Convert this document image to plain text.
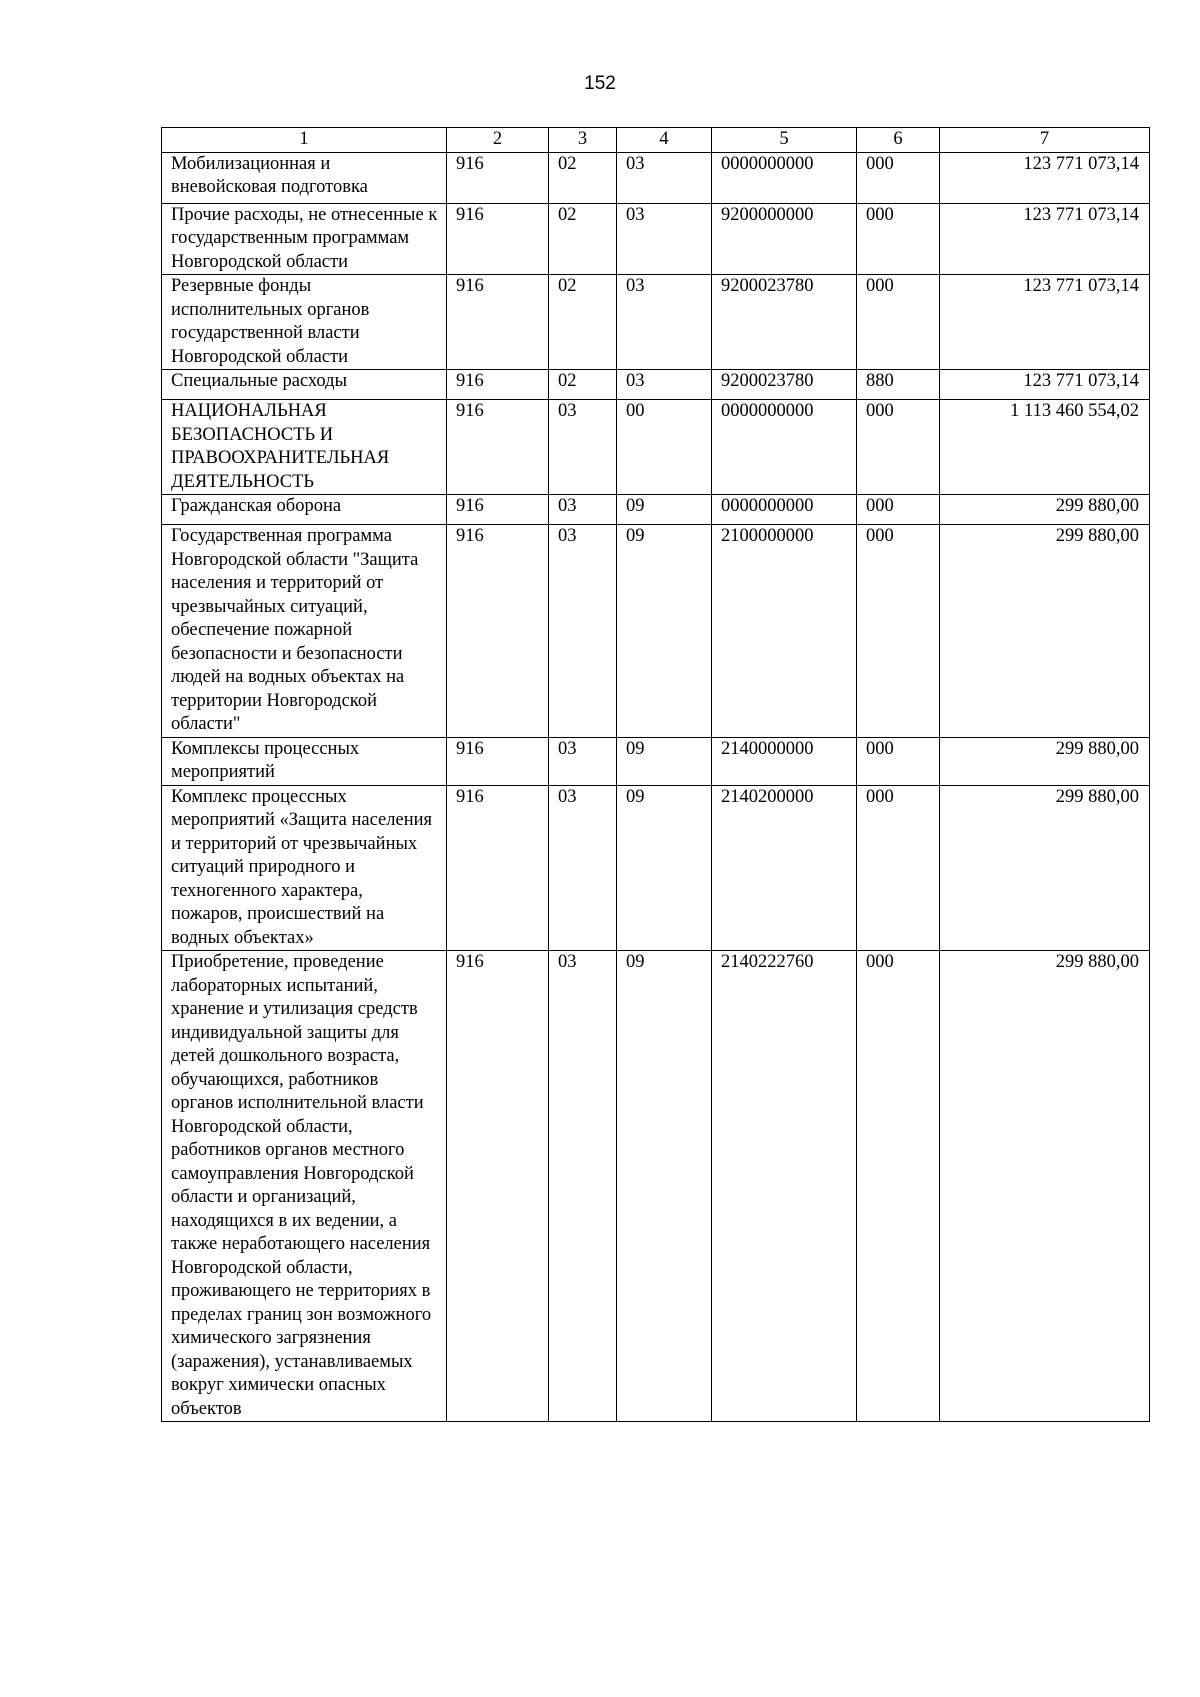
152
1	2	3	4	5	6	7
Мобилизационная и вневойсковая подготовка	916	02	03	0000000000	000	123 771 073,14
Прочие расходы, не отнесенные к государственным программам Новгородской области	916	02	03	9200000000	000	123 771 073,14
Резервные фонды исполнительных органов государственной власти Новгородской области	916	02	03	9200023780	000	123 771 073,14
Специальные расходы	916	02	03	9200023780	880	123 771 073,14
НАЦИОНАЛЬНАЯ БЕЗОПАСНОСТЬ И ПРАВООХРАНИТЕЛЬНАЯ ДЕЯТЕЛЬНОСТЬ	916	03	00	0000000000	000	1 113 460 554,02
Гражданская оборона	916	03	09	0000000000	000	299 880,00
Государственная программа Новгородской области "Защита населения и территорий от чрезвычайных ситуаций, обеспечение пожарной безопасности и безопасности людей на водных объектах на территории Новгородской области"	916	03	09	2100000000	000	299 880,00
Комплексы процессных мероприятий	916	03	09	2140000000	000	299 880,00
Комплекс процессных мероприятий «Защита населения и территорий от чрезвычайных ситуаций природного и техногенного характера, пожаров, происшествий на водных объектах»	916	03	09	2140200000	000	299 880,00
Приобретение, проведение лабораторных испытаний, хранение и утилизация средств индивидуальной защиты для детей дошкольного возраста, обучающихся, работников органов исполнительной власти Новгородской области, работников органов местного самоуправления Новгородской области и организаций, находящихся в их ведении, а также неработающего населения Новгородской области, проживающего не территориях в пределах границ зон возможного химического загрязнения (заражения), устанавливаемых вокруг химически опасных объектов	916	03	09	2140222760	000	299 880,00
